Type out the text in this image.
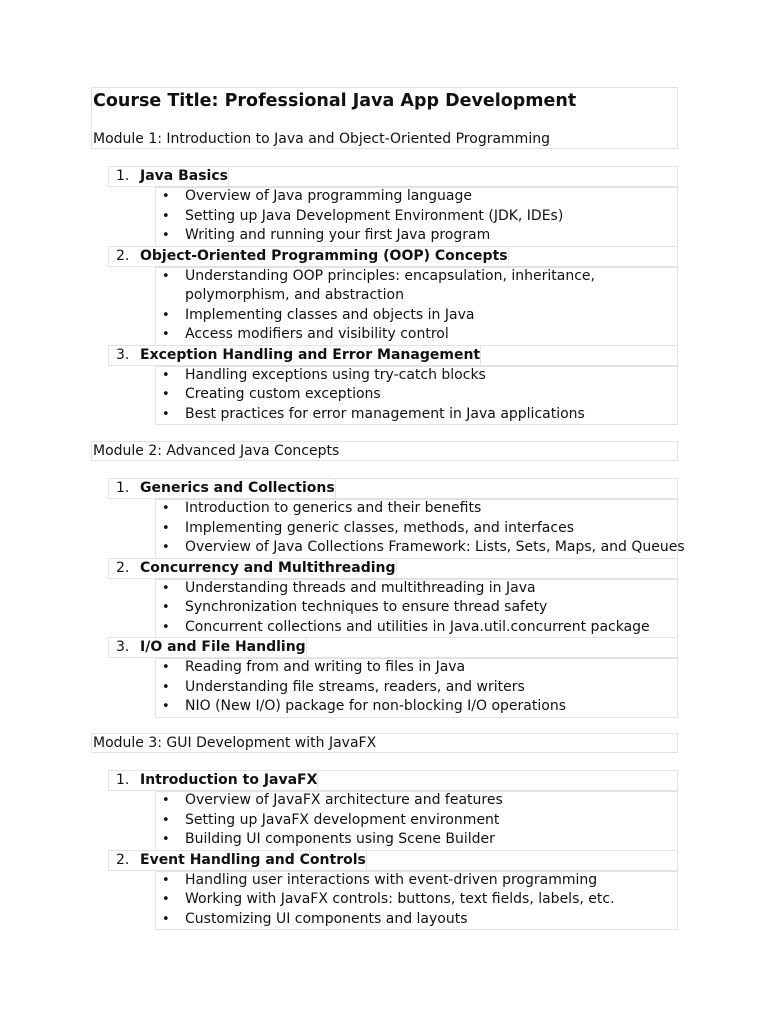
Course Title: Professional Java App Development
Module 1: Introduction to Java and Object-Oriented Programming
1. Java Basics
• Overview of Java programming language
• Setting up Java Development Environment (JDK, IDEs)
• Writing and running your first Java program
2. Object-Oriented Programming (OOP) Concepts
• Understanding OOP principles: encapsulation, inheritance,
polymorphism, and abstraction
• Implementing classes and objects in Java
• Access modifiers and visibility control
3. Exception Handling and Error Management
• Handling exceptions using try-catch blocks
• Creating custom exceptions
• Best practices for error management in Java applications
Module 2: Advanced Java Concepts
1. Generics and Collections
• Introduction to generics and their benefits
• Implementing generic classes, methods, and interfaces
• Overview of Java Collections Framework: Lists, Sets, Maps, and Queues
2. Concurrency and Multithreading
• Understanding threads and multithreading in Java
• Synchronization techniques to ensure thread safety
• Concurrent collections and utilities in Java.util.concurrent package
3. I/O and File Handling
• Reading from and writing to files in Java
• Understanding file streams, readers, and writers
• NIO (New I/O) package for non-blocking I/O operations
Module 3: GUI Development with JavaFX
1. Introduction to JavaFX
• Overview of JavaFX architecture and features
• Setting up JavaFX development environment
• Building UI components using Scene Builder
2. Event Handling and Controls
• Handling user interactions with event-driven programming
• Working with JavaFX controls: buttons, text fields, labels, etc.
• Customizing UI components and layouts
